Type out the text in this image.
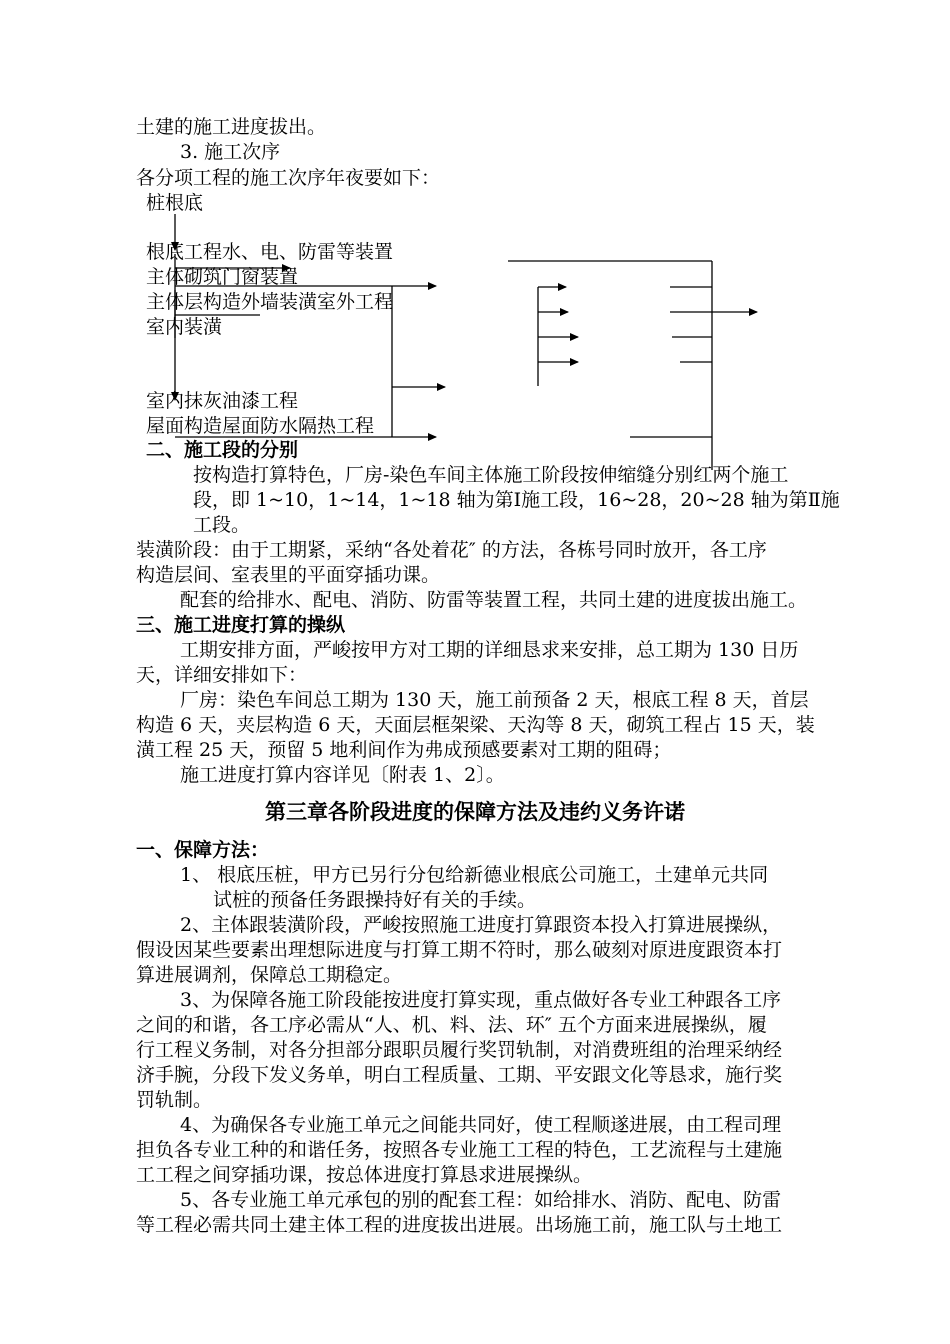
土建的施工进度拔出。
3. 施工次序
各分项工程的施工次序年夜要如下：
桩根底
根底工程水、电、防雷等装置
主体砌筑门窗装置
主体层构造外墙装潢室外工程
室内装潢
室内抹灰油漆工程
屋面构造屋面防水隔热工程
二、施工段的分别
按构造打算特色，厂房-染色车间主体施工阶段按伸缩缝分别红两个施工
段，即 1~10，1~14，1~18 轴为第Ⅰ施工段，16~28，20~28 轴为第Ⅱ施
工段。
装潢阶段：由于工期紧，采纳“各处着花″ 的方法，各栋号同时放开，各工序
构造层间、室表里的平面穿插功课。
配套的给排水、配电、消防、防雷等装置工程，共同土建的进度拔出施工。
三、施工进度打算的操纵
工期安排方面，严峻按甲方对工期的详细恳求来安排，总工期为 130 日历
天，详细安排如下：
厂房：染色车间总工期为 130 天，施工前预备 2 天，根底工程 8 天，首层
构造 6 天，夹层构造 6 天，天面层框架梁、天沟等 8 天，砌筑工程占 15 天，装
潢工程 25 天，预留 5 地利间作为弗成预感要素对工期的阻碍；
施工进度打算内容详见〔附表 1、2〕。
第三章各阶段进度的保障方法及违约义务许诺
一、保障方法：
1、 根底压桩，甲方已另行分包给新德业根底公司施工，土建单元共同
试桩的预备任务跟操持好有关的手续。
2、主体跟装潢阶段，严峻按照施工进度打算跟资本投入打算进展操纵，
假设因某些要素出理想际进度与打算工期不符时，那么破刻对原进度跟资本打
算进展调剂，保障总工期稳定。
3、为保障各施工阶段能按进度打算实现，重点做好各专业工种跟各工序
之间的和谐，各工序必需从“人、机、料、法、环″ 五个方面来进展操纵，履
行工程义务制，对各分担部分跟职员履行奖罚轨制，对消费班组的治理采纳经
济手腕，分段下发义务单，明白工程质量、工期、平安跟文化等恳求，施行奖
罚轨制。
4、为确保各专业施工单元之间能共同好，使工程顺遂进展，由工程司理
担负各专业工种的和谐任务，按照各专业施工工程的特色，工艺流程与土建施
工工程之间穿插功课，按总体进度打算恳求进展操纵。
5、各专业施工单元承包的别的配套工程：如给排水、消防、配电、防雷
等工程必需共同土建主体工程的进度拔出进展。出场施工前，施工队与土地工
